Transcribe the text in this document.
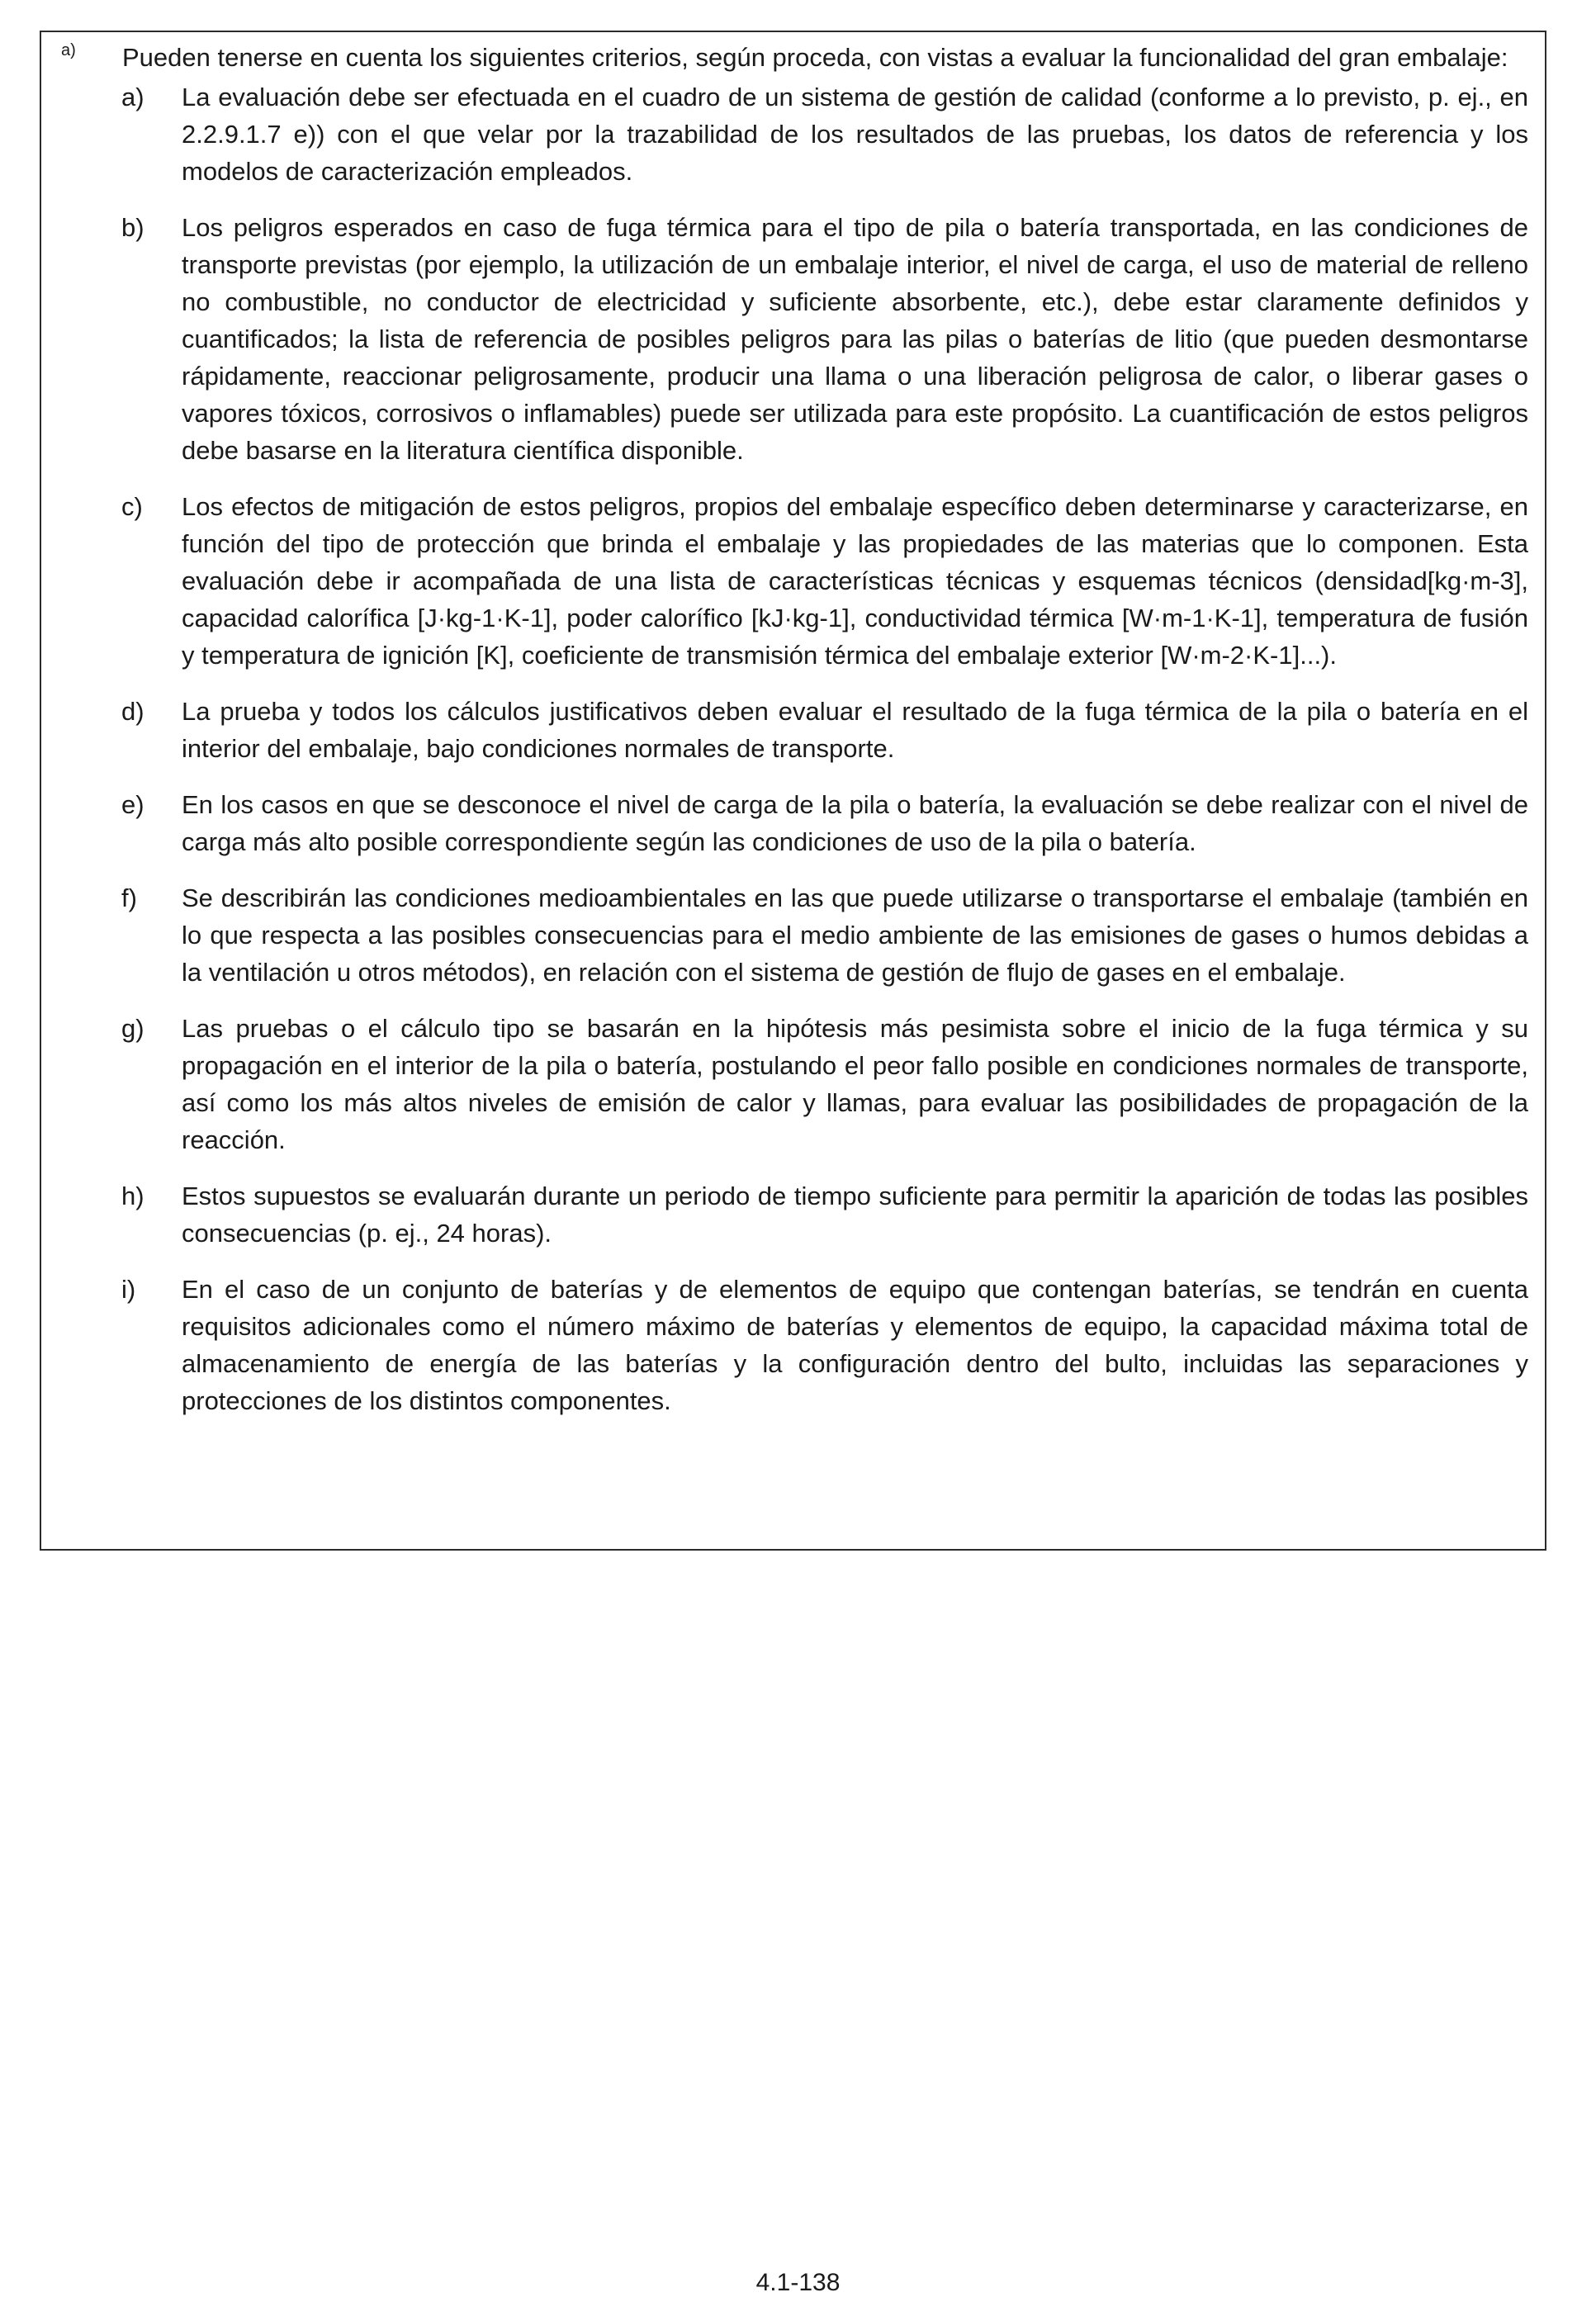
a) Pueden tenerse en cuenta los siguientes criterios, según proceda, con vistas a evaluar la funcionalidad del gran embalaje:
a) La evaluación debe ser efectuada en el cuadro de un sistema de gestión de calidad (conforme a lo previsto, p. ej., en 2.2.9.1.7 e)) con el que velar por la trazabilidad de los resultados de las pruebas, los datos de referencia y los modelos de caracterización empleados.
b) Los peligros esperados en caso de fuga térmica para el tipo de pila o batería transportada, en las condiciones de transporte previstas (por ejemplo, la utilización de un embalaje interior, el nivel de carga, el uso de material de relleno no combustible, no conductor de electricidad y suficiente absorbente, etc.), debe estar claramente definidos y cuantificados; la lista de referencia de posibles peligros para las pilas o baterías de litio (que pueden desmontarse rápidamente, reaccionar peligrosamente, producir una llama o una liberación peligrosa de calor, o liberar gases o vapores tóxicos, corrosivos o inflamables) puede ser utilizada para este propósito. La cuantificación de estos peligros debe basarse en la literatura científica disponible.
c) Los efectos de mitigación de estos peligros, propios del embalaje específico deben determinarse y caracterizarse, en función del tipo de protección que brinda el embalaje y las propiedades de las materias que lo componen. Esta evaluación debe ir acompañada de una lista de características técnicas y esquemas técnicos (densidad[kg·m-3], capacidad calorífica [J·kg-1·K-1], poder calorífico [kJ·kg-1], conductividad térmica [W·m-1·K-1], temperatura de fusión y temperatura de ignición [K], coeficiente de transmisión térmica del embalaje exterior [W·m-2·K-1]...).
d) La prueba y todos los cálculos justificativos deben evaluar el resultado de la fuga térmica de la pila o batería en el interior del embalaje, bajo condiciones normales de transporte.
e) En los casos en que se desconoce el nivel de carga de la pila o batería, la evaluación se debe realizar con el nivel de carga más alto posible correspondiente según las condiciones de uso de la pila o batería.
f) Se describirán las condiciones medioambientales en las que puede utilizarse o transportarse el embalaje (también en lo que respecta a las posibles consecuencias para el medio ambiente de las emisiones de gases o humos debidas a la ventilación u otros métodos), en relación con el sistema de gestión de flujo de gases en el embalaje.
g) Las pruebas o el cálculo tipo se basarán en la hipótesis más pesimista sobre el inicio de la fuga térmica y su propagación en el interior de la pila o batería, postulando el peor fallo posible en condiciones normales de transporte, así como los más altos niveles de emisión de calor y llamas, para evaluar las posibilidades de propagación de la reacción.
h) Estos supuestos se evaluarán durante un periodo de tiempo suficiente para permitir la aparición de todas las posibles consecuencias (p. ej., 24 horas).
i) En el caso de un conjunto de baterías y de elementos de equipo que contengan baterías, se tendrán en cuenta requisitos adicionales como el número máximo de baterías y elementos de equipo, la capacidad máxima total de almacenamiento de energía de las baterías y la configuración dentro del bulto, incluidas las separaciones y protecciones de los distintos componentes.
4.1-138
